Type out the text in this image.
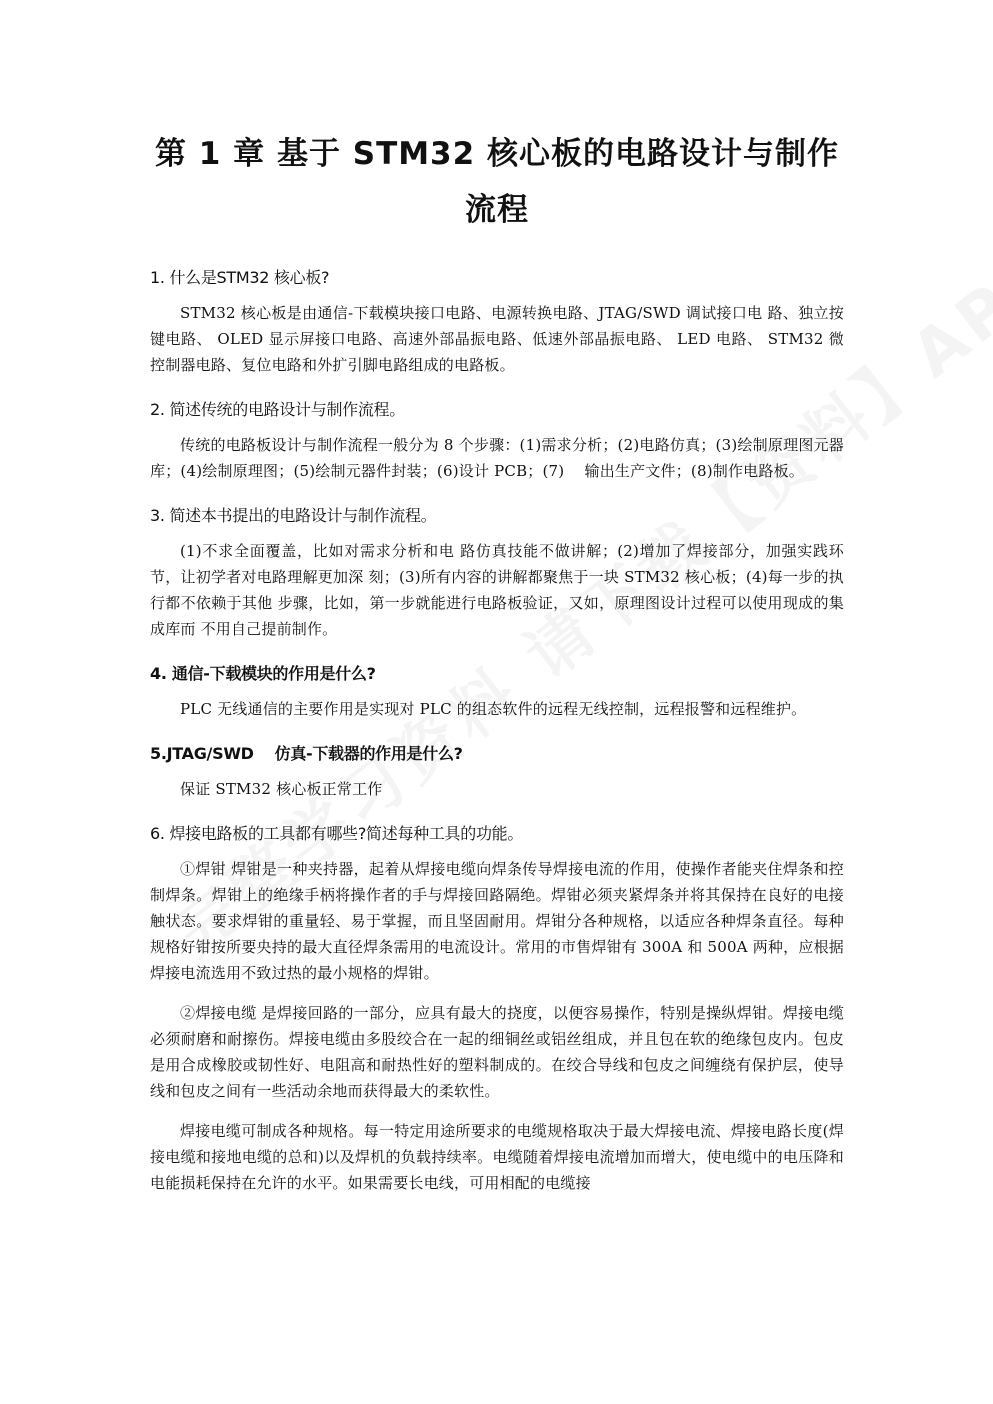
第 1 章 基于 STM32 核心板的电路设计与制作流程
1. 什么是STM32 核心板?

STM32 核心板是由通信-下载模块接口电路、电源转换电路、JTAG/SWD 调试接口电 路、独立按键电路、 OLED 显示屏接口电路、高速外部晶振电路、低速外部晶振电路、 LED 电路、 STM32 微控制器电路、复位电路和外扩引脚电路组成的电路板。

2. 简述传统的电路设计与制作流程。

传统的电路板设计与制作流程一般分为 8 个步骤：(1)需求分析；(2)电路仿真；(3)绘制原理图元器库；(4)绘制原理图；(5)绘制元器件封装；(6)设计 PCB；(7)　 输出生产文件；(8)制作电路板。

3. 简述本书提出的电路设计与制作流程。

(1)不求全面覆盖，比如对需求分析和电 路仿真技能不做讲解；(2)增加了焊接部分，加强实践环节，让初学者对电路理解更加深 刻；(3)所有内容的讲解都聚焦于一块 STM32 核心板；(4)每一步的执行都不依赖于其他 步骤，比如，第一步就能进行电路板验证，又如，原理图设计过程可以使用现成的集成库而 不用自己提前制作。

4. 通信-下载模块的作用是什么?

PLC 无线通信的主要作用是实现对 PLC 的组态软件的远程无线控制，远程报警和远程维护。

5.JTAG/SWD　 仿真-下载器的作用是什么?

保证 STM32 核心板正常工作

6. 焊接电路板的工具都有哪些?简述每种工具的功能。

①焊钳 焊钳是一种夹持器，起着从焊接电缆向焊条传导焊接电流的作用，使操作者能夹住焊条和控制焊条。焊钳上的绝缘手柄将操作者的手与焊接回路隔绝。焊钳必须夹紧焊条并将其保持在良好的电接触状态。要求焊钳的重量轻、易于掌握，而且坚固耐用。焊钳分各种规格，以适应各种焊条直径。每种规格好钳按所要央持的最大直径焊条需用的电流设计。常用的市售焊钳有 300A 和 500A 两种，应根据焊接电流选用不致过热的最小规格的焊钳。

②焊接电缆 是焊接回路的一部分，应具有最大的挠度，以便容易操作，特别是操纵焊钳。焊接电缆必须耐磨和耐擦伤。焊接电缆由多股绞合在一起的细铜丝或铝丝组成，并且包在软的绝缘包皮内。包皮是用合成橡胶或韧性好、电阻高和耐热性好的塑料制成的。在绞合导线和包皮之间缠绕有保护层，使导线和包皮之间有一些活动余地而获得最大的柔软性。

焊接电缆可制成各种规格。每一特定用途所要求的电缆规格取决于最大焊接电流、焊接电路长度(焊接电缆和接地电缆的总和)以及焊机的负载持续率。电缆随着焊接电流增加而增大，使电缆中的电压降和电能损耗保持在允许的水平。如果需要长电线，可用相配的电缆接
